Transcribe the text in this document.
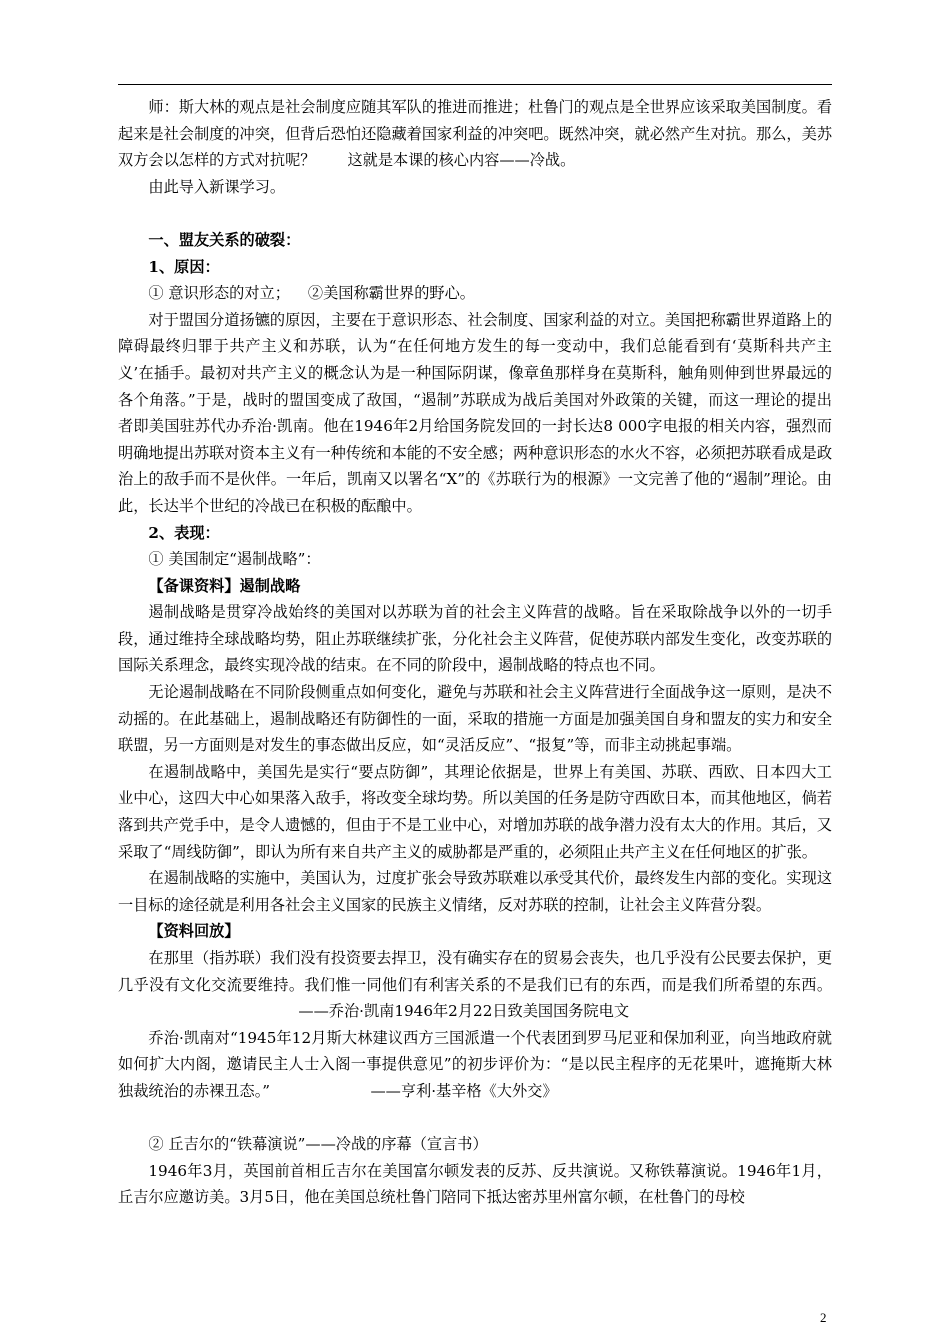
师：斯大林的观点是社会制度应随其军队的推进而推进；杜鲁门的观点是全世界应该采取美国制度。看起来是社会制度的冲突，但背后恐怕还隐藏着国家利益的冲突吧。既然冲突，就必然产生对抗。那么，美苏双方会以怎样的方式对抗呢？ 这就是本课的核心内容——冷战。

由此导入新课学习。

一、盟友关系的破裂：

1、原因：

① 意识形态的对立； ②美国称霸世界的野心。

对于盟国分道扬镳的原因，主要在于意识形态、社会制度、国家利益的对立。美国把称霸世界道路上的障碍最终归罪于共产主义和苏联，认为“在任何地方发生的每一变动中，我们总能看到有‘莫斯科共产主义’在插手。最初对共产主义的概念认为是一种国际阴谋，像章鱼那样身在莫斯科，触角则伸到世界最远的各个角落。”于是，战时的盟国变成了敌国，“遏制”苏联成为战后美国对外政策的关键，而这一理论的提出者即美国驻苏代办乔治·凯南。他在1946年2月给国务院发回的一封长达8 000字电报的相关内容，强烈而明确地提出苏联对资本主义有一种传统和本能的不安全感；两种意识形态的水火不容，必须把苏联看成是政治上的敌手而不是伙伴。一年后，凯南又以署名“X”的《苏联行为的根源》一文完善了他的“遏制”理论。由此，长达半个世纪的冷战已在积极的酝酿中。

2、表现：

① 美国制定“遏制战略”：

【备课资料】遏制战略

遏制战略是贯穿冷战始终的美国对以苏联为首的社会主义阵营的战略。旨在采取除战争以外的一切手段，通过维持全球战略均势，阻止苏联继续扩张，分化社会主义阵营，促使苏联内部发生变化，改变苏联的国际关系理念，最终实现冷战的结束。在不同的阶段中，遏制战略的特点也不同。

无论遏制战略在不同阶段侧重点如何变化，避免与苏联和社会主义阵营进行全面战争这一原则，是决不动摇的。在此基础上，遏制战略还有防御性的一面，采取的措施一方面是加强美国自身和盟友的实力和安全联盟，另一方面则是对发生的事态做出反应，如“灵活反应”、“报复”等，而非主动挑起事端。

在遏制战略中，美国先是实行“要点防御”，其理论依据是，世界上有美国、苏联、西欧、日本四大工业中心，这四大中心如果落入敌手，将改变全球均势。所以美国的任务是防守西欧日本，而其他地区，倘若落到共产党手中，是令人遗憾的，但由于不是工业中心，对增加苏联的战争潜力没有太大的作用。其后，又采取了“周线防御”，即认为所有来自共产主义的威胁都是严重的，必须阻止共产主义在任何地区的扩张。

在遏制战略的实施中，美国认为，过度扩张会导致苏联难以承受其代价，最终发生内部的变化。实现这一目标的途径就是利用各社会主义国家的民族主义情绪，反对苏联的控制，让社会主义阵营分裂。

【资料回放】

在那里（指苏联）我们没有投资要去捍卫，没有确实存在的贸易会丧失，也几乎没有公民要去保护，更几乎没有文化交流要维持。我们惟一同他们有利害关系的不是我们已有的东西，而是我们所希望的东西。——乔治·凯南1946年2月22日致美国国务院电文

乔治·凯南对“1945年12月斯大林建议西方三国派遣一个代表团到罗马尼亚和保加利亚，向当地政府就如何扩大内阁，邀请民主人士入阁一事提供意见”的初步评价为：“是以民主程序的无花果叶，遮掩斯大林独裁统治的赤裸丑态。”	——亨利·基辛格《大外交》

② 丘吉尔的“铁幕演说”——冷战的序幕（宣言书）

1946年3月，英国前首相丘吉尔在美国富尔顿发表的反苏、反共演说。又称铁幕演说。1946年1月，丘吉尔应邀访美。3月5日，他在美国总统杜鲁门陪同下抵达密苏里州富尔顿，在杜鲁门的母校

2
